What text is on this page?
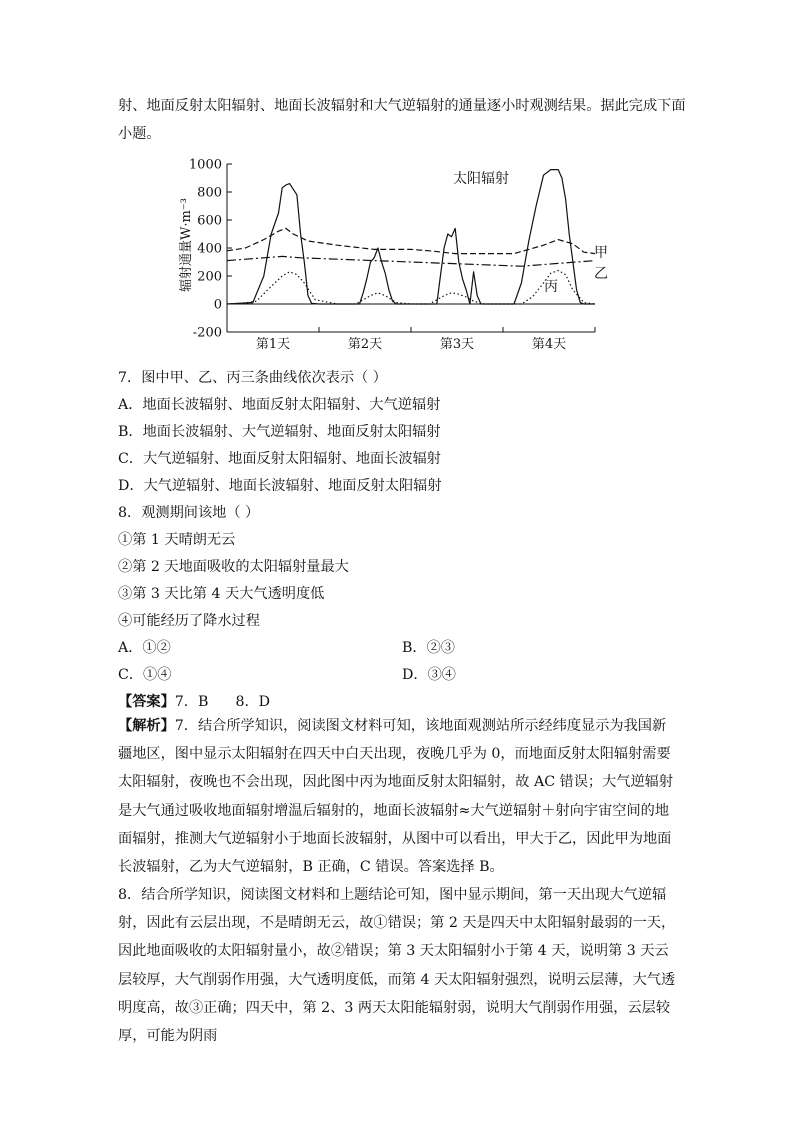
射、地面反射太阳辐射、地面长波辐射和大气逆辐射的通量逐小时观测结果。据此完成下面
小题。
1000
800
600
400
200
0
-200
第1天	第2天	第3天	第4天
辐射通量W·m⁻³
太阳辐射
甲
乙
丙
7．图中甲、乙、丙三条曲线依次表示（ ）
A．地面长波辐射、地面反射太阳辐射、大气逆辐射
B．地面长波辐射、大气逆辐射、地面反射太阳辐射
C．大气逆辐射、地面反射太阳辐射、地面长波辐射
D．大气逆辐射、地面长波辐射、地面反射太阳辐射
8．观测期间该地（ ）
①第 1 天晴朗无云
②第 2 天地面吸收的太阳辐射量最大
③第 3 天比第 4 天大气透明度低
④可能经历了降水过程
A．①②	B．②③
C．①④	D．③④
【答案】7．B      8．D
【解析】7．结合所学知识，阅读图文材料可知，该地面观测站所示经纬度显示为我国新疆地区，图中显示太阳辐射在四天中白天出现，夜晚几乎为 0，而地面反射太阳辐射需要太阳辐射，夜晚也不会出现，因此图中丙为地面反射太阳辐射，故 AC 错误；大气逆辐射是大气通过吸收地面辐射增温后辐射的，地面长波辐射≈大气逆辐射＋射向宇宙空间的地面辐射，推测大气逆辐射小于地面长波辐射，从图中可以看出，甲大于乙，因此甲为地面长波辐射，乙为大气逆辐射，B 正确，C 错误。答案选择 B。
8．结合所学知识，阅读图文材料和上题结论可知，图中显示期间，第一天出现大气逆辐射，因此有云层出现，不是晴朗无云，故①错误；第 2 天是四天中太阳辐射最弱的一天，因此地面吸收的太阳辐射量小，故②错误；第 3 天太阳辐射小于第 4 天，说明第 3 天云层较厚，大气削弱作用强，大气透明度低，而第 4 天太阳辐射强烈，说明云层薄，大气透明度高，故③正确；四天中，第 2、3 两天太阳能辐射弱，说明大气削弱作用强，云层较厚，可能为阴雨
